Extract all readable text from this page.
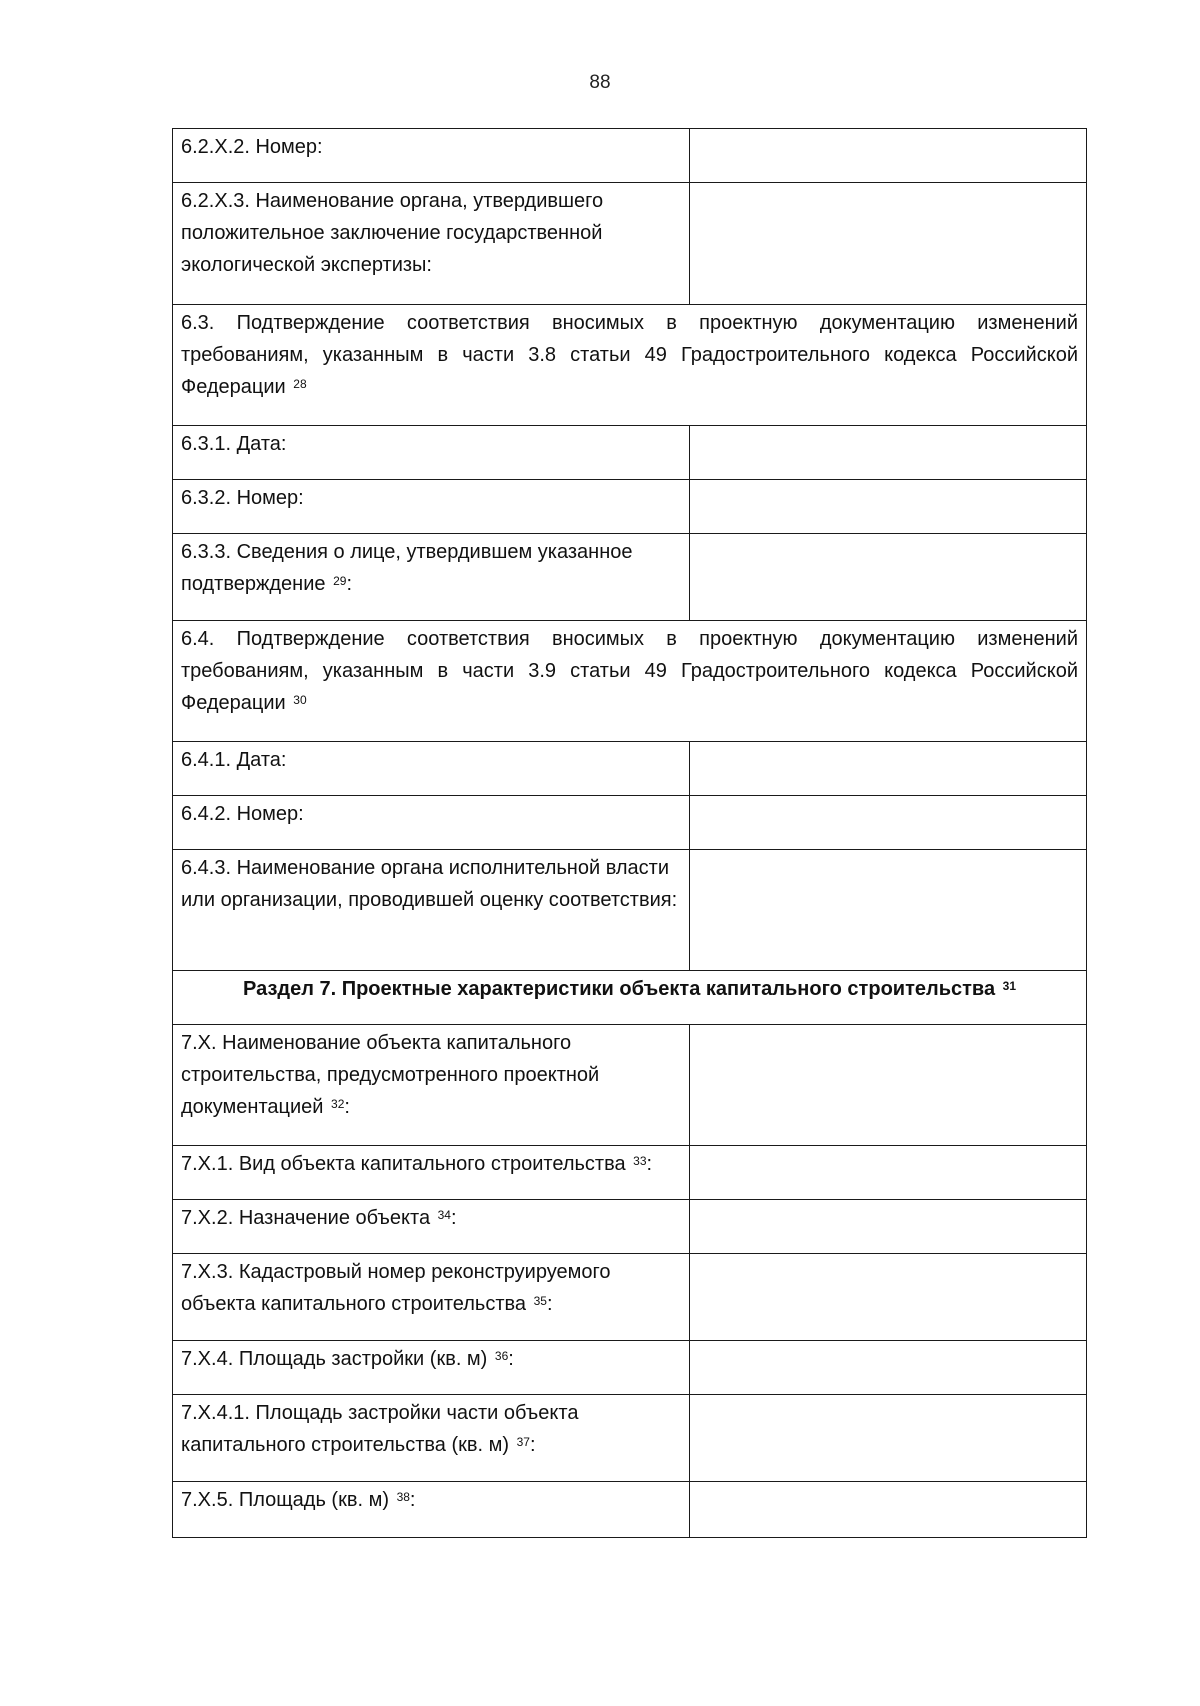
88
6.2.X.2. Номер:	
6.2.X.3. Наименование органа, утвердившего положительное заключение государственной экологической экспертизы:	
6.3. Подтверждение соответствия вносимых в проектную документацию изменений требованиям, указанным в части 3.8 статьи 49 Градостроительного кодекса Российской Федерации $^{28}$
6.3.1. Дата:	
6.3.2. Номер:	
6.3.3. Сведения о лице, утвердившем указанное подтверждение $^{29}$:	
6.4. Подтверждение соответствия вносимых в проектную документацию изменений требованиям, указанным в части 3.9 статьи 49 Градостроительного кодекса Российской Федерации $^{30}$
6.4.1. Дата:	
6.4.2. Номер:	
6.4.3. Наименование органа исполнительной власти или организации, проводившей оценку соответствия:	
Раздел 7. Проектные характеристики объекта капитального строительства $^{31}$
7.X. Наименование объекта капитального строительства, предусмотренного проектной документацией $^{32}$:	
7.X.1. Вид объекта капитального строительства $^{33}$:	
7.X.2. Назначение объекта $^{34}$:	
7.X.3. Кадастровый номер реконструируемого объекта капитального строительства $^{35}$:	
7.X.4. Площадь застройки (кв. м) $^{36}$:	
7.X.4.1. Площадь застройки части объекта капитального строительства (кв. м) $^{37}$:	
7.X.5. Площадь (кв. м) $^{38}$:	
